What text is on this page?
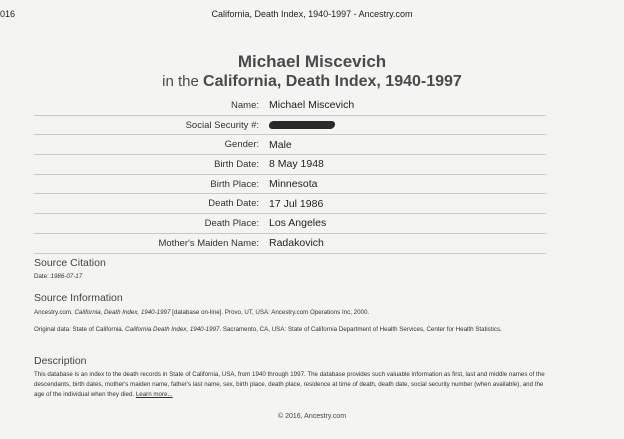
016	California, Death Index, 1940-1997 - Ancestry.com
Michael Miscevich
in the California, Death Index, 1940-1997
Name: Michael Miscevich
Social Security #:
Gender: Male
Birth Date: 8 May 1948
Birth Place: Minnesota
Death Date: 17 Jul 1986
Death Place: Los Angeles
Mother's Maiden Name: Radakovich
Source Citation

Date: 1986-07-17

Source Information

Ancestry.com. California, Death Index, 1940-1997 [database on-line]. Provo, UT, USA: Ancestry.com Operations Inc, 2000.

Original data: State of California. California Death Index, 1940-1997. Sacramento, CA, USA: State of California Department of Health Services, Center for Health Statistics.

Description

This database is an index to the death records in State of California, USA, from 1940 through 1997. The database provides such valuable information as first, last and middle names of the descendants, birth dates, mother's maiden name, father's last name, sex, birth place, death place, residence at time of death, death date, social security number (when available), and the age of the individual when they died. Learn more...

© 2016, Ancestry.com
